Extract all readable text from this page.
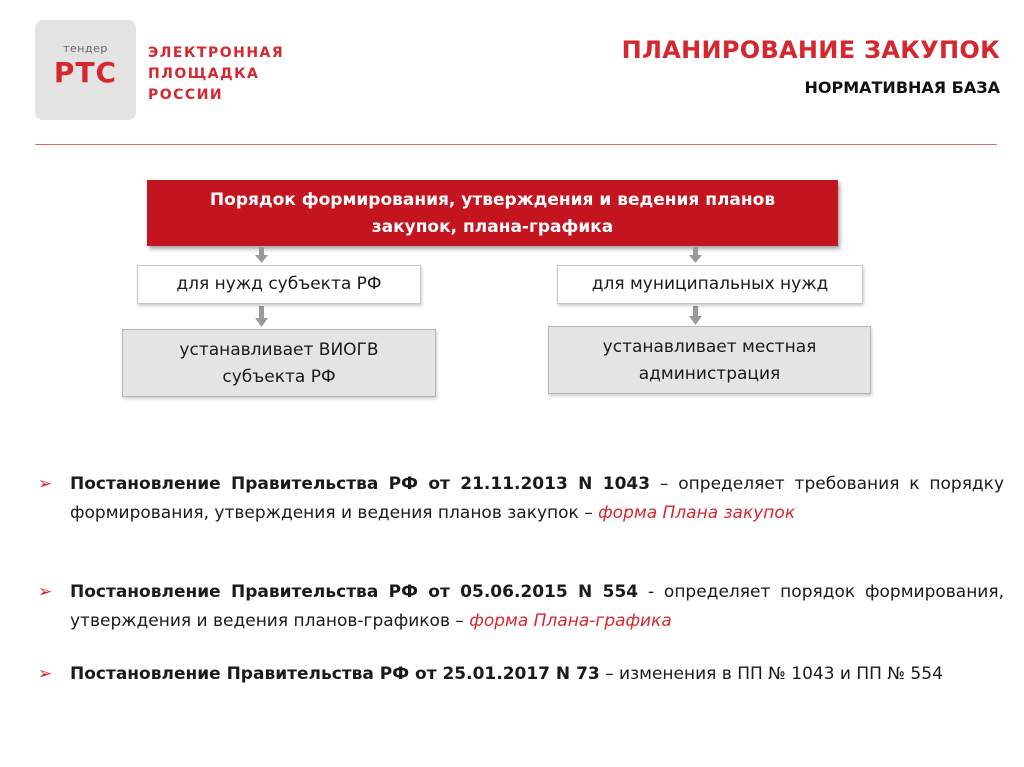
тендер
РТС
ЭЛЕКТРОННАЯ
ПЛОЩАДКА
РОССИИ
ПЛАНИРОВАНИЕ ЗАКУПОК
НОРМАТИВНАЯ БАЗА
Порядок формирования, утверждения и ведения планов
закупок, плана-графика
для нужд субъекта РФ	для муниципальных нужд
устанавливает ВИОГВ
субъекта РФ
устанавливает местная
администрация
➢	Постановление Правительства РФ от 21.11.2013 N 1043 – определяет требования к порядку формирования, утверждения и ведения планов закупок – форма Плана закупок
➢	Постановление Правительства РФ от 05.06.2015 N 554 - определяет порядок формирования, утверждения и ведения планов-графиков – форма Плана-графика
➢	Постановление Правительства РФ от 25.01.2017 N 73 – изменения в ПП № 1043 и ПП № 554
